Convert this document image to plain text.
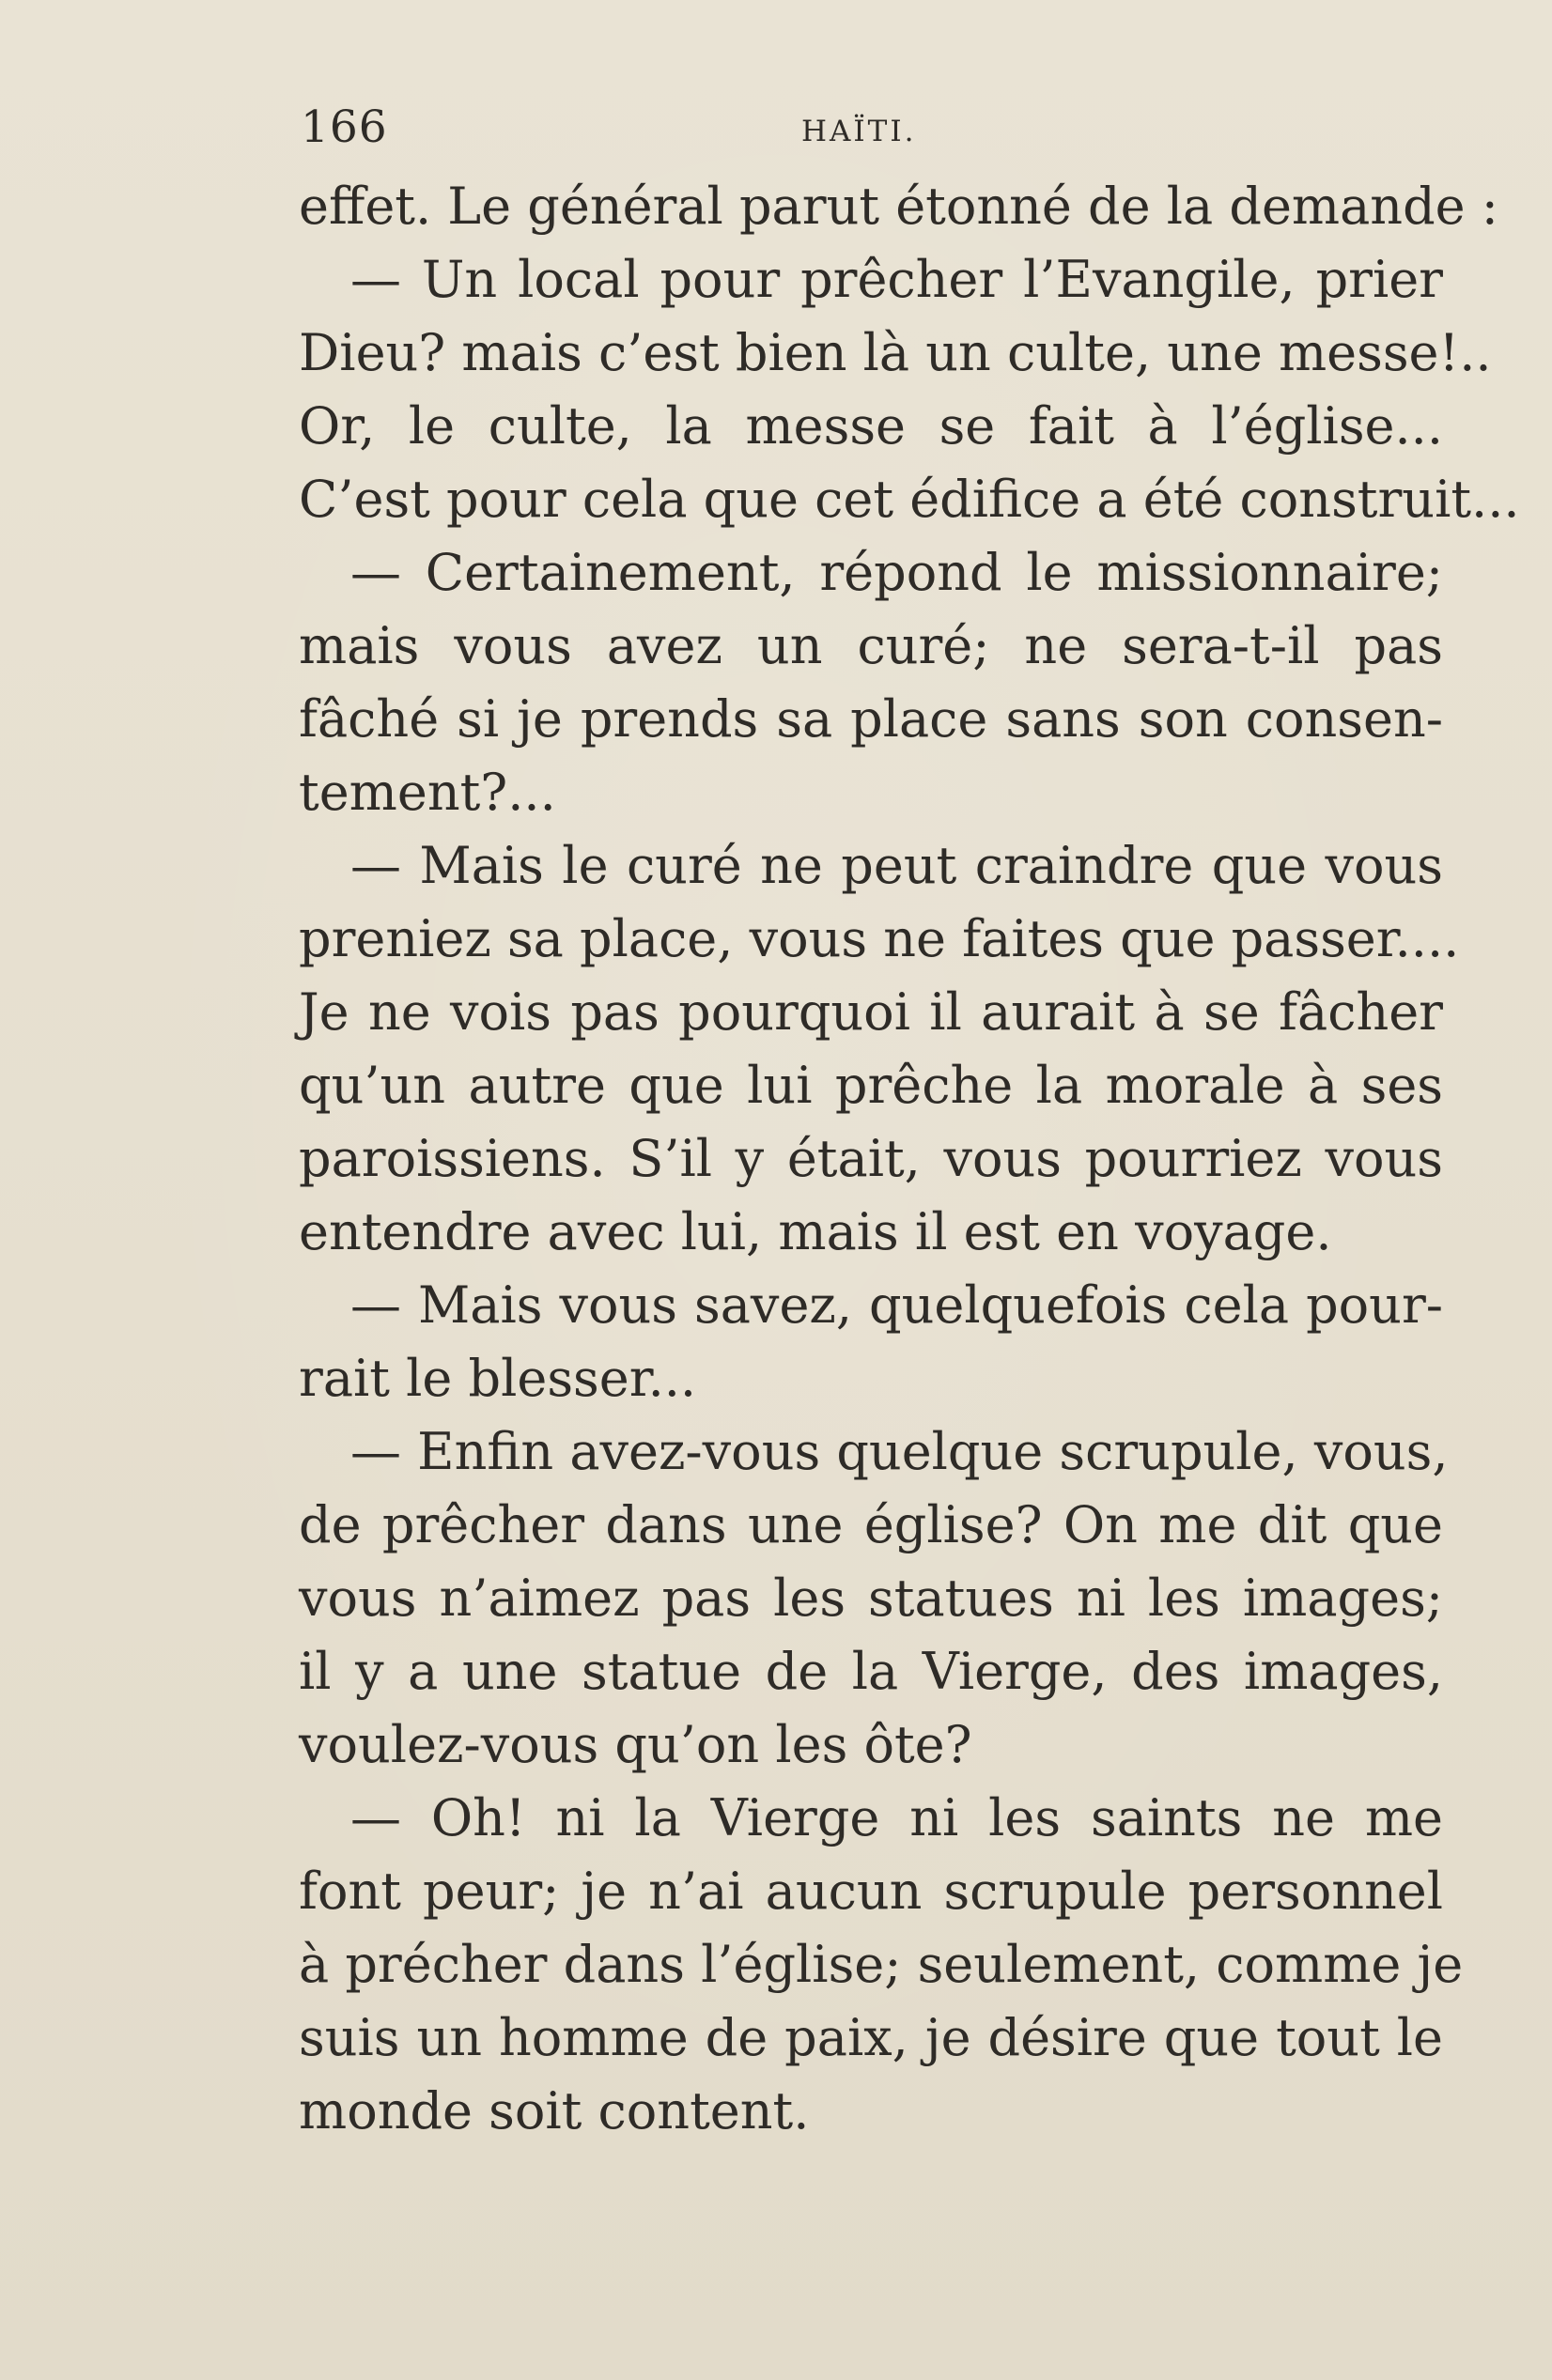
166	HAÏTI.
effet. Le général parut étonné de la demande :
— Un local pour prêcher l’Evangile, prier
Dieu? mais c’est bien là un culte, une messe!..
Or, le culte, la messe se fait à l’église...
C’est pour cela que cet édifice a été construit...
— Certainement, répond le missionnaire;
mais vous avez un curé; ne sera-t-il pas
fâché si je prends sa place sans son consen-
tement?...
— Mais le curé ne peut craindre que vous
preniez sa place, vous ne faites que passer....
Je ne vois pas pourquoi il aurait à se fâcher
qu’un autre que lui prêche la morale à ses
paroissiens. S’il y était, vous pourriez vous
entendre avec lui, mais il est en voyage.
— Mais vous savez, quelquefois cela pour-
rait le blesser...
— Enfin avez-vous quelque scrupule, vous,
de prêcher dans une église? On me dit que
vous n’aimez pas les statues ni les images;
il y a une statue de la Vierge, des images,
voulez-vous qu’on les ôte?
— Oh! ni la Vierge ni les saints ne me
font peur; je n’ai aucun scrupule personnel
à précher dans l’église; seulement, comme je
suis un homme de paix, je désire que tout le
monde soit content.
